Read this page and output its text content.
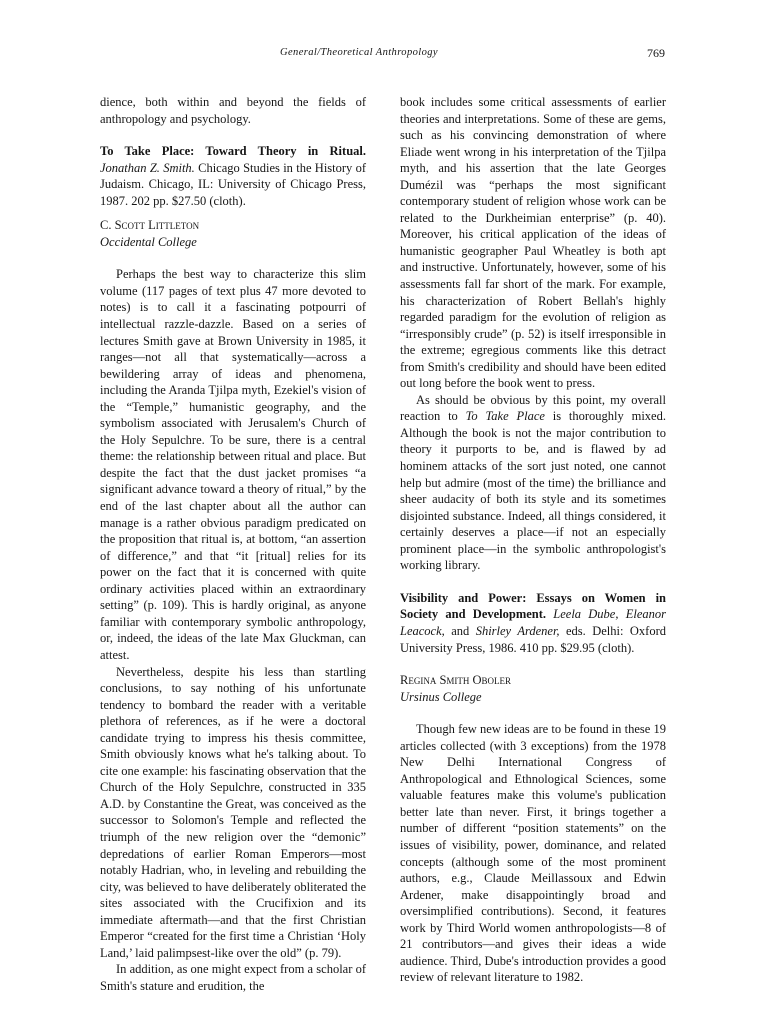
General/Theoretical Anthropology	769

dience, both within and beyond the fields of anthropology and psychology.

To Take Place: Toward Theory in Ritual. Jonathan Z. Smith. Chicago Studies in the History of Judaism. Chicago, IL: University of Chicago Press, 1987. 202 pp. $27.50 (cloth).

C. Scott Littleton

Occidental College

Perhaps the best way to characterize this slim volume (117 pages of text plus 47 more devoted to notes) is to call it a fascinating potpourri of intellectual razzle-dazzle. Based on a series of lectures Smith gave at Brown University in 1985, it ranges—not all that systematically—across a bewildering array of ideas and phenomena, including the Aranda Tjilpa myth, Ezekiel's vision of the “Temple,” humanistic geography, and the symbolism associated with Jerusalem's Church of the Holy Sepulchre. To be sure, there is a central theme: the relationship between ritual and place. But despite the fact that the dust jacket promises “a significant advance toward a theory of ritual,” by the end of the last chapter about all the author can manage is a rather obvious paradigm predicated on the proposition that ritual is, at bottom, “an assertion of difference,” and that “it [ritual] relies for its power on the fact that it is concerned with quite ordinary activities placed within an extraordinary setting” (p. 109). This is hardly original, as anyone familiar with contemporary symbolic anthropology, or, indeed, the ideas of the late Max Gluckman, can attest.

Nevertheless, despite his less than startling conclusions, to say nothing of his unfortunate tendency to bombard the reader with a veritable plethora of references, as if he were a doctoral candidate trying to impress his thesis committee, Smith obviously knows what he's talking about. To cite one example: his fascinating observation that the Church of the Holy Sepulchre, constructed in 335 A.D. by Constantine the Great, was conceived as the successor to Solomon's Temple and reflected the triumph of the new religion over the “demonic” depredations of earlier Roman Emperors—most notably Hadrian, who, in leveling and rebuilding the city, was believed to have deliberately obliterated the sites associated with the Crucifixion and its immediate aftermath—and that the first Christian Emperor “created for the first time a Christian ‘Holy Land,’ laid palimpsest-like over the old” (p. 79).

In addition, as one might expect from a scholar of Smith's stature and erudition, the

book includes some critical assessments of earlier theories and interpretations. Some of these are gems, such as his convincing demonstration of where Eliade went wrong in his interpretation of the Tjilpa myth, and his assertion that the late Georges Dumézil was “perhaps the most significant contemporary student of religion whose work can be related to the Durkheimian enterprise” (p. 40). Moreover, his critical application of the ideas of humanistic geographer Paul Wheatley is both apt and instructive. Unfortunately, however, some of his assessments fall far short of the mark. For example, his characterization of Robert Bellah's highly regarded paradigm for the evolution of religion as “irresponsibly crude” (p. 52) is itself irresponsible in the extreme; egregious comments like this detract from Smith's credibility and should have been edited out long before the book went to press.

As should be obvious by this point, my overall reaction to To Take Place is thoroughly mixed. Although the book is not the major contribution to theory it purports to be, and is flawed by ad hominem attacks of the sort just noted, one cannot help but admire (most of the time) the brilliance and sheer audacity of both its style and its sometimes disjointed substance. Indeed, all things considered, it certainly deserves a place—if not an especially prominent place—in the symbolic anthropologist's working library.

Visibility and Power: Essays on Women in Society and Development. Leela Dube, Eleanor Leacock, and Shirley Ardener, eds. Delhi: Oxford University Press, 1986. 410 pp. $29.95 (cloth).

Regina Smith Oboler

Ursinus College

Though few new ideas are to be found in these 19 articles collected (with 3 exceptions) from the 1978 New Delhi International Congress of Anthropological and Ethnological Sciences, some valuable features make this volume's publication better late than never. First, it brings together a number of different “position statements” on the issues of visibility, power, dominance, and related concepts (although some of the most prominent authors, e.g., Claude Meillassoux and Edwin Ardener, make disappointingly broad and oversimplified contributions). Second, it features work by Third World women anthropologists—8 of 21 contributors—and gives their ideas a wide audience. Third, Dube's introduction provides a good review of relevant literature to 1982.
